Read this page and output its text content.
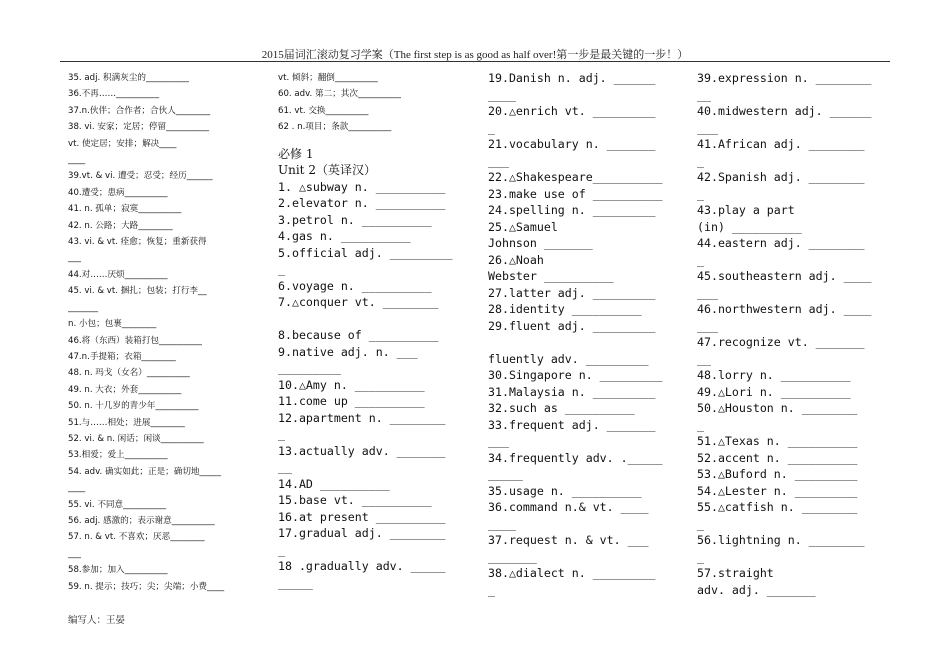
2015届词汇滚动复习学案（The first step is as good as half over!第一步是最关键的一步！）
35. adj. 积满灰尘的__________
36.不再……__________
37.n.伙伴；合作者；合伙人________
38. vi. 安家；定居；停留__________
vt. 使定居；安排；解决____
____
39.vt. & vi. 遭受；忍受；经历______
40.遭受；患病__________
41. n. 孤单；寂寞__________
42. n. 公路；大路________
43. vi. & vt. 痊愈；恢复；重新获得
___
44.对……厌烦__________
45. vi. & vt. 捆扎；包装；打行李__
_______
n. 小包；包裹________
46.将（东西）装箱打包__________
47.n.手提箱；衣箱________
48. n. 玛戈（女名）__________
49. n. 大衣；外套__________
50. n. 十几岁的青少年__________
51.与……相处；进展________
52. vi. & n. 闲话；闲谈__________
53.相爱；爱上__________
54. adv. 确实如此；正是；确切地_____
____
55. vi. 不同意__________
56. adj. 感激的；表示谢意__________
57. n. & vt. 不喜欢；厌恶________
___
58.参加；加入__________
59. n. 提示；技巧；尖；尖端；小费____
vt. 倾斜；翻倒__________
60. adv. 第二；其次__________
61. vt. 交换__________
62 . n.项目；条款__________
必修 1
Unit 2（英译汉）
1. △subway n. __________
2.elevator n. __________
3.petrol n. __________
4.gas n. __________
5.official adj. _________
_
6.voyage n. __________
7.△conquer vt. ________

8.because of __________
9.native adj. n. ___
_________
10.△Amy n. __________
11.come up __________
12.apartment n. ________
_
13.actually adv. _______
__
14.AD __________
15.base vt. __________
16.at present __________
17.gradual adj. ________
_
18 .gradually adv. _____
_____
19.Danish n. adj. ______
____
20.△enrich vt. _________
_
21.vocabulary n. _______
___
22.△Shakespeare__________
23.make use of __________
24.spelling n. _________
25.△Samuel
Johnson _______
26.△Noah
Webster __________
27.latter adj. _________
28.identity __________
29.fluent adj. _________

fluently adv. _________
30.Singapore n. _________
31.Malaysia n. _________
32.such as __________
33.frequent adj. _______
___
34.frequently adv. ._____
_____
35.usage n. __________
36.command n.& vt. ____
____
37.request n. & vt. ___
_______
38.△dialect n. _________
_
39.expression n. ________
__
40.midwestern adj. ______
___
41.African adj. ________
_
42.Spanish adj. ________
_
43.play a part
(in) __________
44.eastern adj. ________
_
45.southeastern adj. ____
___
46.northwestern adj. ____
___
47.recognize vt. _______
__
48.lorry n. __________
49.△Lori n. __________
50.△Houston n. ________
_
51.△Texas n. __________
52.accent n. __________
53.△Buford n. _________
54.△Lester n. _________
55.△catfish n. ________
_
56.lightning n. ________
_
57.straight
adv. adj. _______
编写人：王晏
